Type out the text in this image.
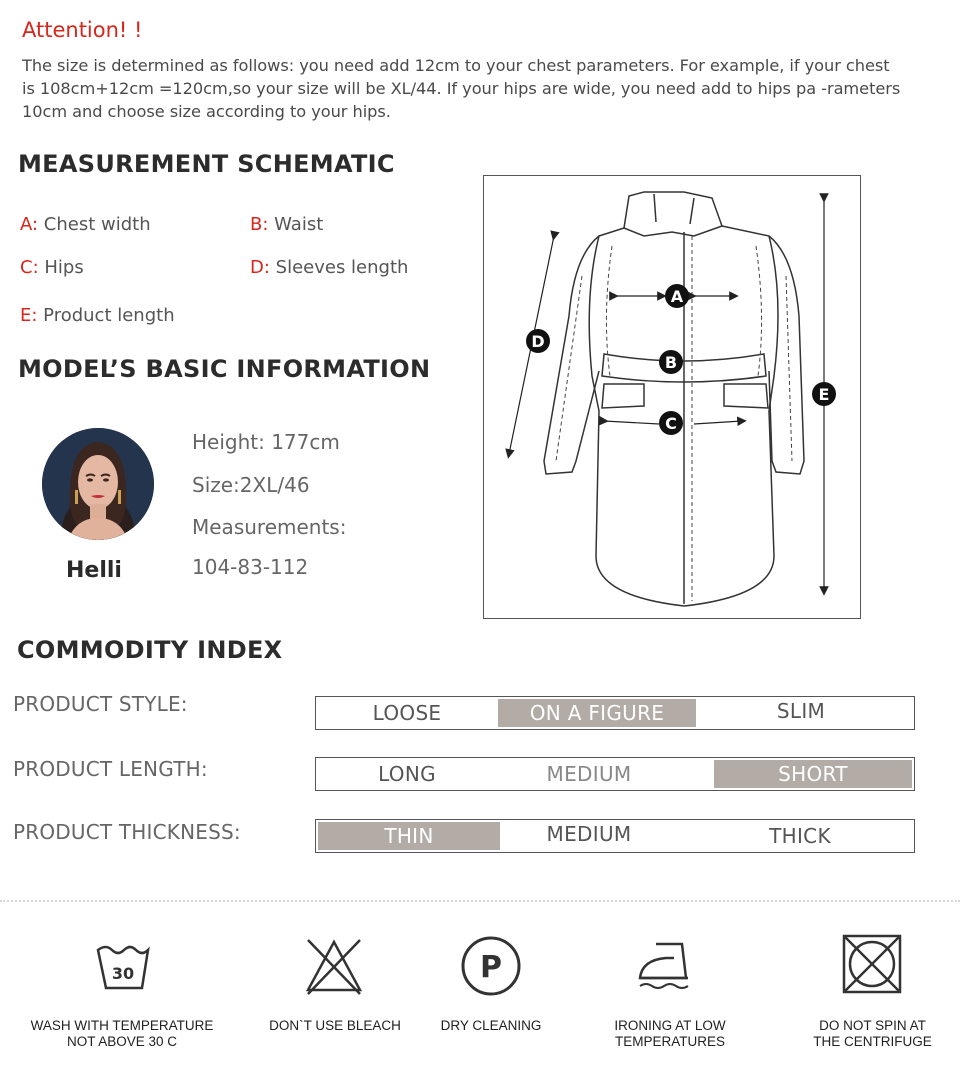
Attention! !
The size is determined as follows: you need add 12cm to your chest parameters. For example, if your chest is 108cm+12cm =120cm,so your size will be XL/44. If your hips are wide, you need add to hips pa -rameters 10cm and choose size according to your hips.
MEASUREMENT SCHEMATIC
A: Chest width	B: Waist
C: Hips	D: Sleeves length
E: Product length
MODEL’S BASIC INFORMATION
Helli
Height: 177cm
Size:2XL/46
Measurements:
104-83-112
A
B
C
D
E
COMMODITY INDEX
PRODUCT STYLE:	LOOSE	ON A FIGURE	SLIM
PRODUCT LENGTH:	LONG	MEDIUM	SHORT
PRODUCT THICKNESS:	THIN	MEDIUM	THICK
30
WASH WITH TEMPERATURE
NOT ABOVE 30 C
DON`T USE BLEACH
P
DRY CLEANING	IRONING AT LOW
TEMPERATURES
DO NOT SPIN AT
THE CENTRIFUGE
